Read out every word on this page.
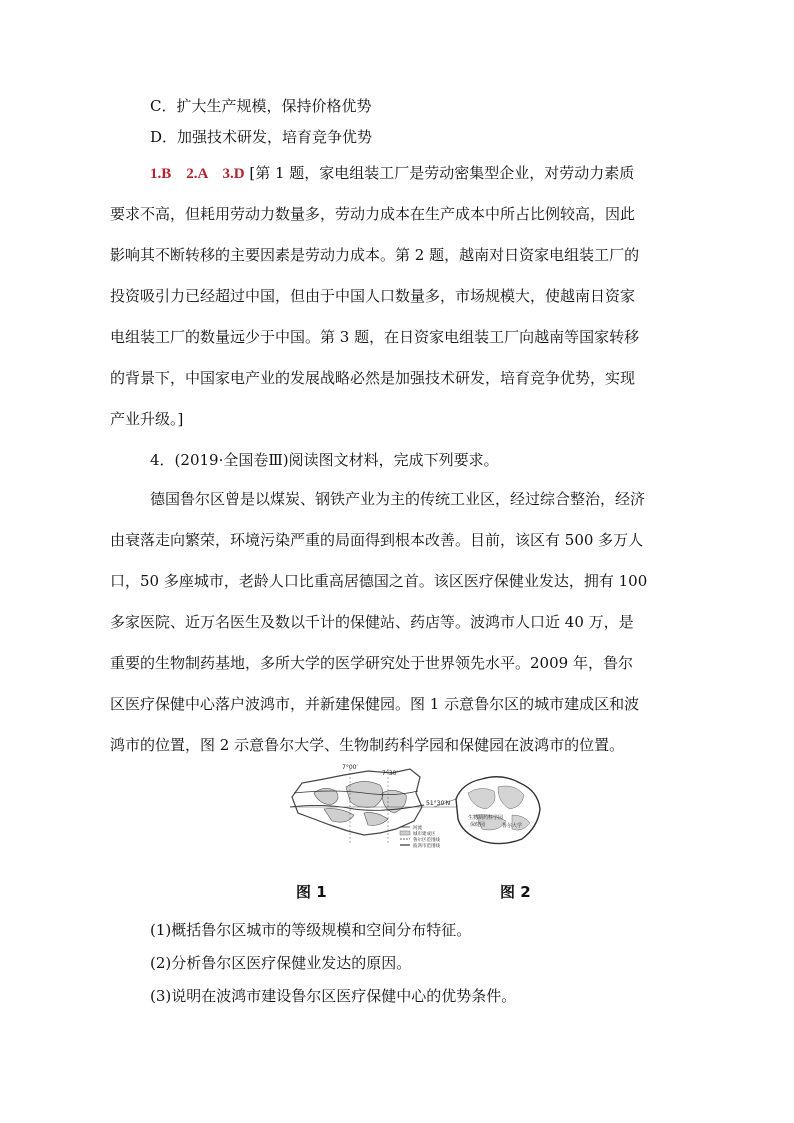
C．扩大生产规模，保持价格优势
D．加强技术研发，培育竞争优势
1.B　2.A　3.D [第 1 题，家电组装工厂是劳动密集型企业，对劳动力素质
要求不高，但耗用劳动力数量多，劳动力成本在生产成本中所占比例较高，因此
影响其不断转移的主要因素是劳动力成本。第 2 题，越南对日资家电组装工厂的
投资吸引力已经超过中国，但由于中国人口数量多，市场规模大，使越南日资家
电组装工厂的数量远少于中国。第 3 题，在日资家电组装工厂向越南等国家转移
的背景下，中国家电产业的发展战略必然是加强技术研发，培育竞争优势，实现
产业升级。]
4．(2019·全国卷Ⅲ)阅读图文材料，完成下列要求。
德国鲁尔区曾是以煤炭、钢铁产业为主的传统工业区，经过综合整治，经济
由衰落走向繁荣，环境污染严重的局面得到根本改善。目前，该区有 500 多万人
口，50 多座城市，老龄人口比重高居德国之首。该区医疗保健业发达，拥有 100
多家医院、近万名医生及数以千计的保健站、药店等。波鸿市人口近 40 万，是
重要的生物制药基地，多所大学的医学研究处于世界领先水平。2009 年，鲁尔
区医疗保健中心落户波鸿市，并新建保健园。图 1 示意鲁尔区的城市建成区和波
鸿市的位置，图 2 示意鲁尔大学、生物制药科学园和保健园在波鸿市的位置。
7°00′
7°30′
51°30′N
河流
城市建成区
鲁尔区范围线
波鸿市范围线
生物制药科学园
保健园	鲁尔大学
图 1	图 2
(1)概括鲁尔区城市的等级规模和空间分布特征。
(2)分析鲁尔区医疗保健业发达的原因。
(3)说明在波鸿市建设鲁尔区医疗保健中心的优势条件。
